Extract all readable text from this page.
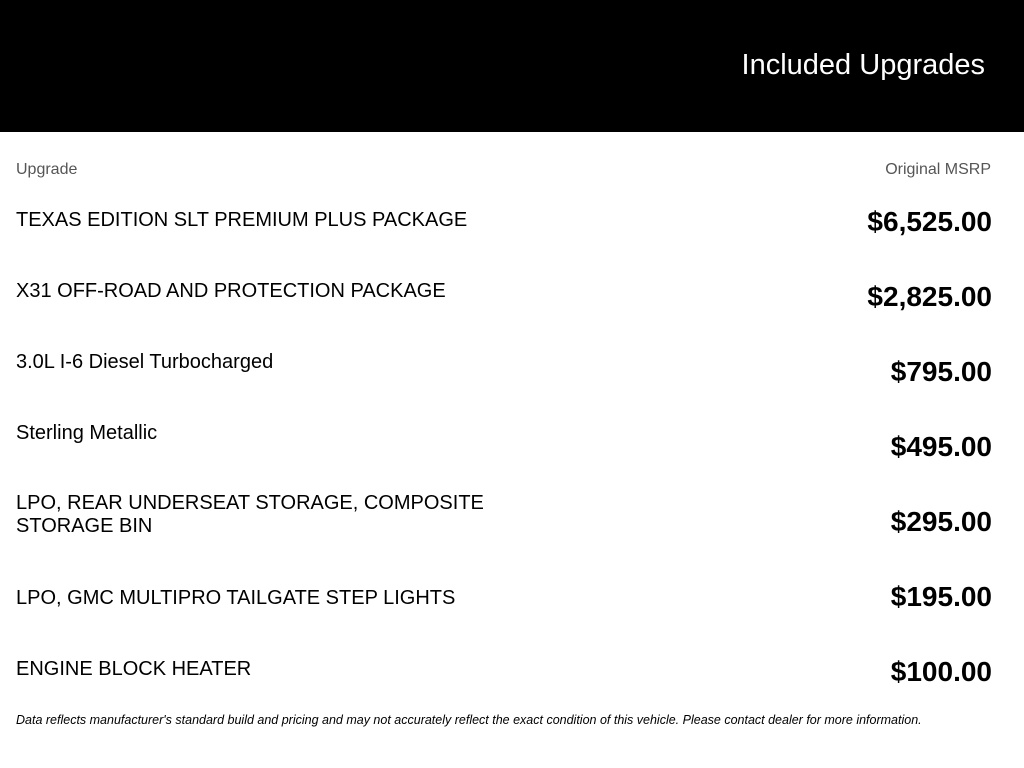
Included Upgrades
Upgrade	Original MSRP
TEXAS EDITION SLT PREMIUM PLUS PACKAGE	$6,525.00
X31 OFF-ROAD AND PROTECTION PACKAGE	$2,825.00
3.0L I-6 Diesel Turbocharged	$795.00
Sterling Metallic	$495.00
LPO, REAR UNDERSEAT STORAGE, COMPOSITE STORAGE BIN	$295.00
LPO, GMC MULTIPRO TAILGATE STEP LIGHTS	$195.00
ENGINE BLOCK HEATER	$100.00
Data reflects manufacturer's standard build and pricing and may not accurately reflect the exact condition of this vehicle. Please contact dealer for more information.
